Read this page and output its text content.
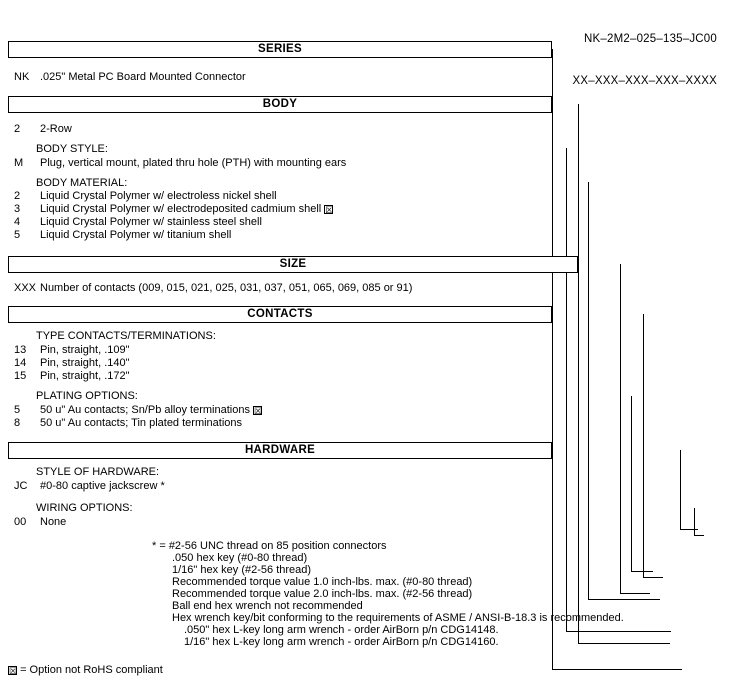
NK–2M2–025–135–JC00

XX–XXX–XXX–XXX–XXXX

SERIES
NK .025" Metal PC Board Mounted Connector
BODY
2	2-Row
BODY STYLE:
M	Plug, vertical mount, plated thru hole (PTH) with mounting ears
BODY MATERIAL:
2	Liquid Crystal Polymer w/ electroless nickel shell
3	Liquid Crystal Polymer w/ electrodeposited cadmium shell ☒
4	Liquid Crystal Polymer w/ stainless steel shell
5	Liquid Crystal Polymer w/ titanium shell
SIZE
XXX Number of contacts (009, 015, 021, 025, 031, 037, 051, 065, 069, 085 or 91)
CONTACTS
TYPE CONTACTS/TERMINATIONS:
13	Pin, straight, .109"
14	Pin, straight, .140"
15	Pin, straight, .172"
PLATING OPTIONS:
5	50 u" Au contacts; Sn/Pb alloy terminations ☒
8	50 u" Au contacts; Tin plated terminations
HARDWARE
STYLE OF HARDWARE:
JC	#0-80 captive jackscrew *
WIRING OPTIONS:
00	None
* = #2-56 UNC thread on 85 position connectors
.050 hex key (#0-80 thread)
1/16" hex key (#2-56 thread)
Recommended torque value 1.0 inch-lbs. max. (#0-80 thread)
Recommended torque value 2.0 inch-lbs. max. (#2-56 thread)
Ball end hex wrench not recommended
Hex wrench key/bit conforming to the requirements of ASME / ANSI-B-18.3 is recommended.
.050" hex L-key long arm wrench - order AirBorn p/n CDG14148.
1/16" hex L-key long arm wrench - order AirBorn p/n CDG14160.
☒ = Option not RoHS compliant
